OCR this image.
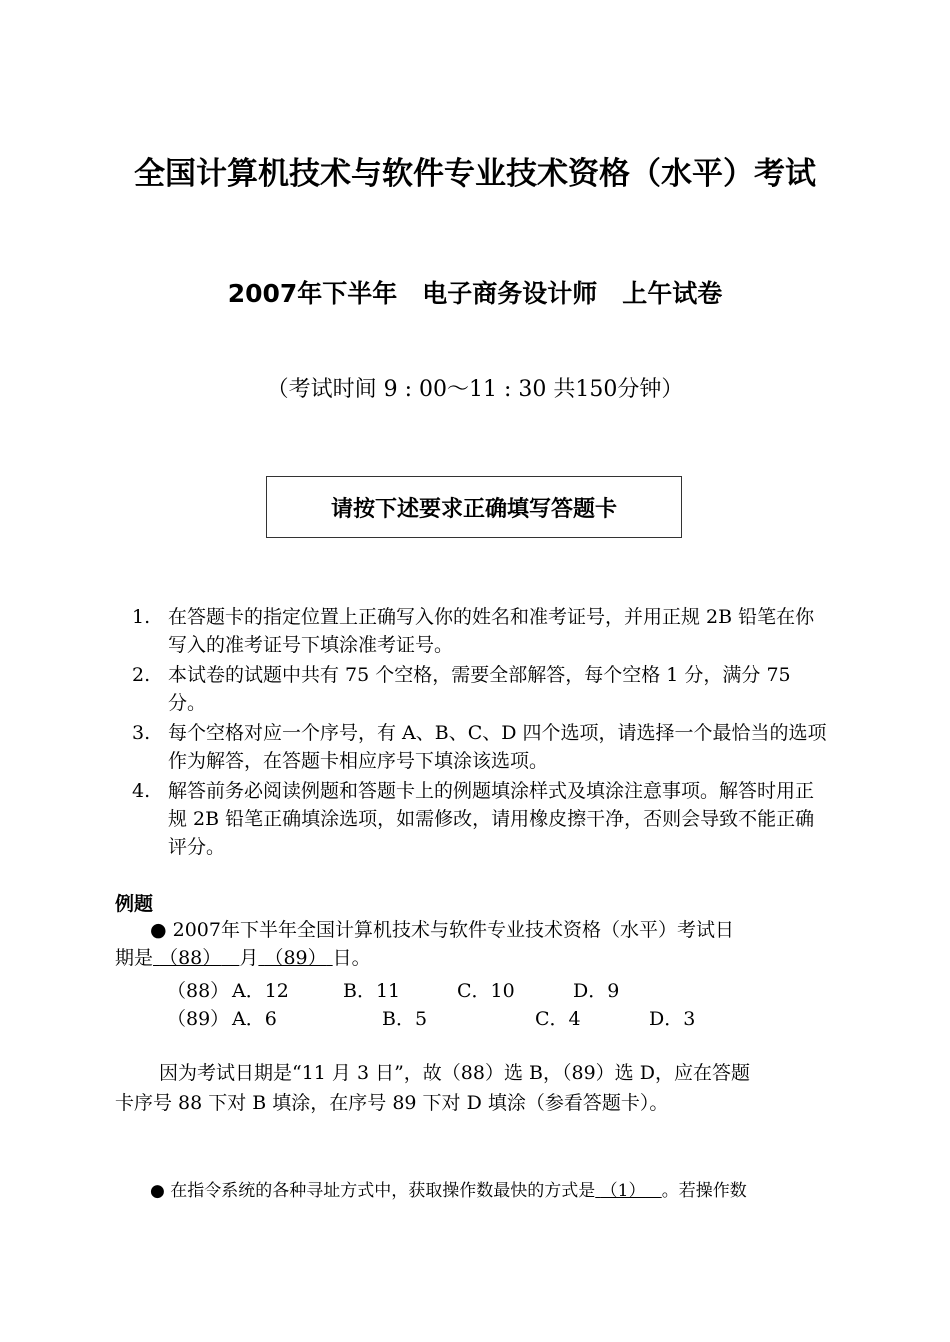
全国计算机技术与软件专业技术资格（水平）考试
2007年下半年　电子商务设计师　上午试卷
（考试时间 9 : 00～11 : 30 共150分钟）
请按下述要求正确填写答题卡
1. 在答题卡的指定位置上正确写入你的姓名和准考证号，并用正规 2B 铅笔在你写入的准考证号下填涂准考证号。
2. 本试卷的试题中共有 75 个空格，需要全部解答，每个空格 1 分，满分 75 分。
3. 每个空格对应一个序号，有 A、B、C、D 四个选项，请选择一个最恰当的选项作为解答，在答题卡相应序号下填涂该选项。
4. 解答前务必阅读例题和答题卡上的例题填涂样式及填涂注意事项。解答时用正规 2B 铅笔正确填涂选项，如需修改，请用橡皮擦干净，否则会导致不能正确评分。
例题
● 2007年下半年全国计算机技术与软件专业技术资格（水平）考试日
期是 （88） 月 （89） 日。
（88） A．12	B．11	C．10	D．9
（89） A．6	B．5	C．4	D．3
因为考试日期是“11 月 3 日”，故（88）选 B，（89）选 D，应在答题
卡序号 88 下对 B 填涂，在序号 89 下对 D 填涂（参看答题卡）。
● 在指令系统的各种寻址方式中，获取操作数最快的方式是 （1） 。若操作数
